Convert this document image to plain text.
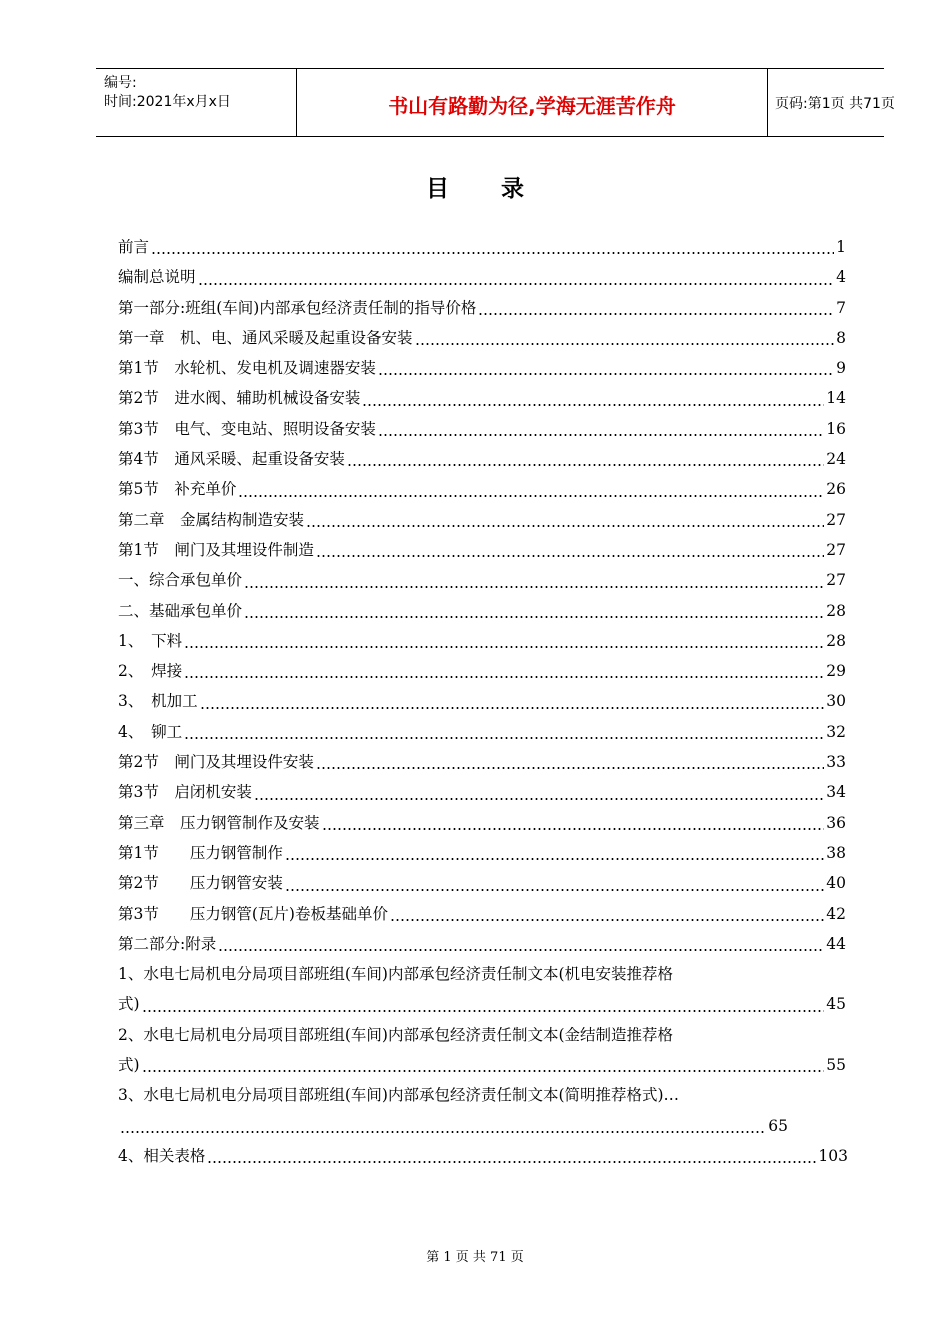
编号:
时间:2021年x月x日	书山有路勤为径,学海无涯苦作舟	页码:第1页 共71页
目 录
前言	1
编制总说明	4
第一部分:班组(车间)内部承包经济责任制的指导价格	7
第一章　机、电、通风采暖及起重设备安装	8
第1节　水轮机、发电机及调速器安装	9
第2节　进水阀、辅助机械设备安装	14
第3节　电气、变电站、照明设备安装	16
第4节　通风采暖、起重设备安装	24
第5节　补充单价	26
第二章　金属结构制造安装	27
第1节　闸门及其埋设件制造	27
一、综合承包单价	27
二、基础承包单价	28
1、　下料	28
2、　焊接	29
3、　机加工	30
4、　铆工	32
第2节　闸门及其埋设件安装	33
第3节　启闭机安装	34
第三章　压力钢管制作及安装	36
第1节　　压力钢管制作	38
第2节　　压力钢管安装	40
第3节　　压力钢管(瓦片)卷板基础单价	42
第二部分:附录	44
1、水电七局机电分局项目部班组(车间)内部承包经济责任制文本(机电安装推荐格
式)	45
2、水电七局机电分局项目部班组(车间)内部承包经济责任制文本(金结制造推荐格
式)	55
3、水电七局机电分局项目部班组(车间)内部承包经济责任制文本(简明推荐格式)…
65
4、相关表格	103
第 1 页 共 71 页
